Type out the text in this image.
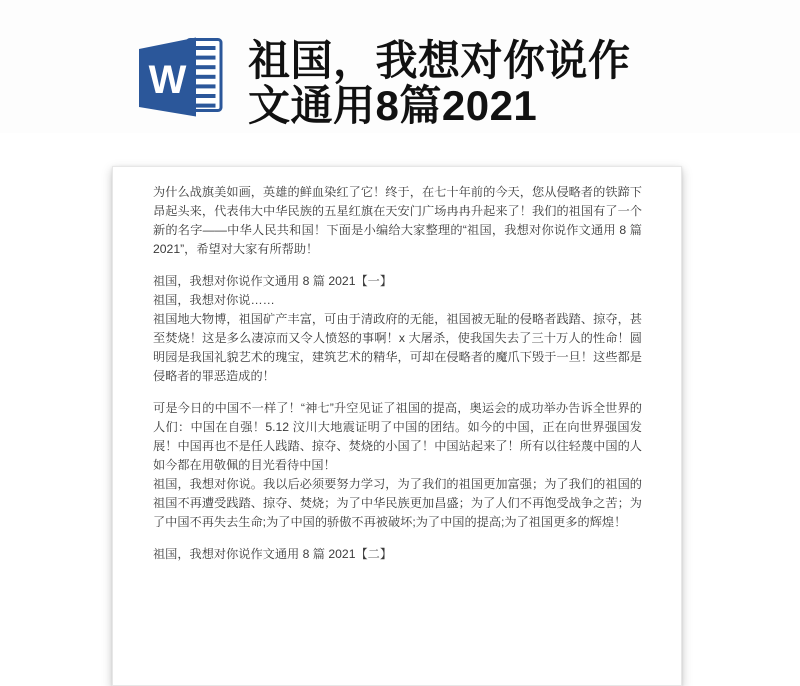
W 祖国，我想对你说作文通用8篇2021

为什么战旗美如画，英雄的鲜血染红了它！终于，在七十年前的今天，您从侵略者的铁蹄下昂起头来，代表伟大中华民族的五星红旗在天安门广场冉冉升起来了！我们的祖国有了一个新的名字——中华人民共和国！下面是小编给大家整理的“祖国，我想对你说作文通用 8 篇 2021”，希望对大家有所帮助！

祖国，我想对你说作文通用 8 篇 2021【一】

祖国，我想对你说……

祖国地大物博，祖国矿产丰富，可由于清政府的无能，祖国被无耻的侵略者践踏、掠夺，甚至焚烧！这是多么凄凉而又令人愤怒的事啊！x 大屠杀，使我国失去了三十万人的性命！圆明园是我国礼貌艺术的瑰宝，建筑艺术的精华，可却在侵略者的魔爪下毁于一旦！这些都是侵略者的罪恶造成的！

可是今日的中国不一样了！“神七”升空见证了祖国的提高，奥运会的成功举办告诉全世界的人们：中国在自强！5.12 汶川大地震证明了中国的团结。如今的中国，正在向世界强国发展！中国再也不是任人践踏、掠夺、焚烧的小国了！中国站起来了！所有以往轻蔑中国的人如今都在用敬佩的目光看待中国！

祖国，我想对你说。我以后必须要努力学习，为了我们的祖国更加富强；为了我们的祖国的祖国不再遭受践踏、掠夺、焚烧；为了中华民族更加昌盛；为了人们不再饱受战争之苦；为了中国不再失去生命;为了中国的骄傲不再被破坏;为了中国的提高;为了祖国更多的辉煌！

祖国，我想对你说作文通用 8 篇 2021【二】
